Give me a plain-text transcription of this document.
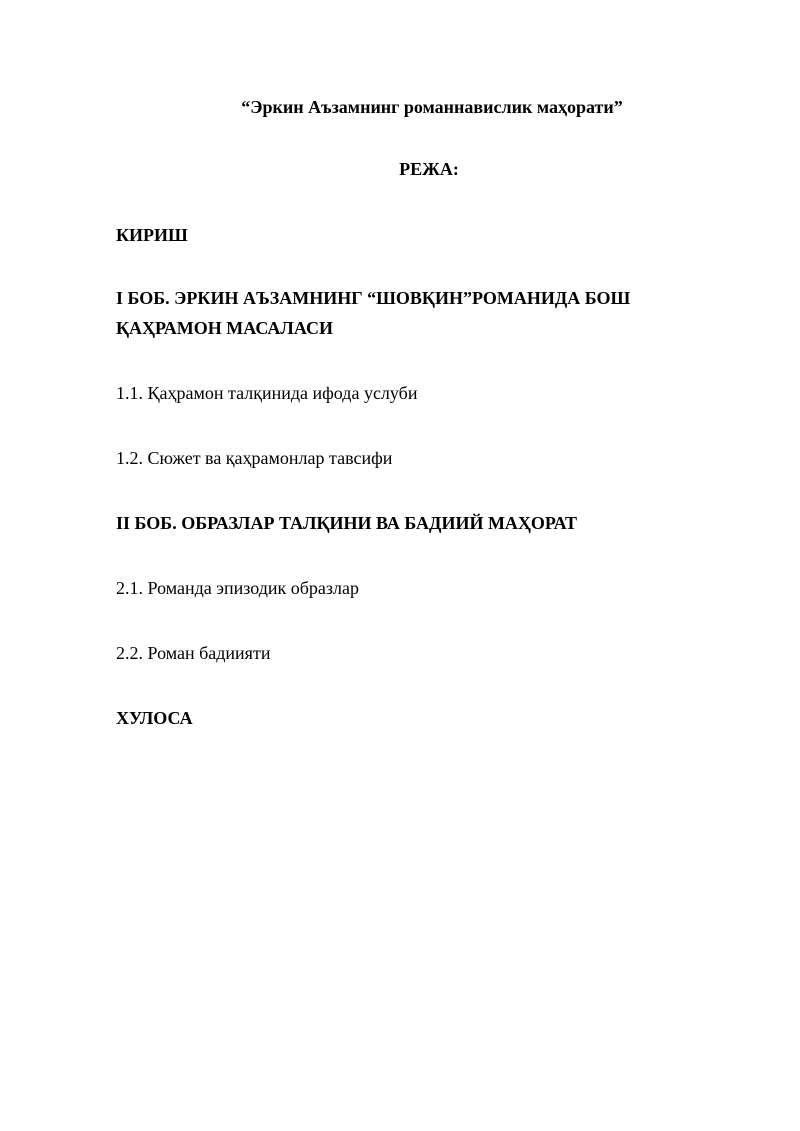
“Эркин Аъзамнинг романнавислик маҳорати”

РЕЖА:

КИРИШ

I БОБ. ЭРКИН АЪЗАМНИНГ “ШОВҚИН”РОМАНИДА БОШ

ҚАҲРАМОН МАСАЛАСИ

1.1. Қаҳрамон талқинида ифода услуби

1.2. Сюжет ва қаҳрамонлар тавсифи

II БОБ. ОБРАЗЛАР ТАЛҚИНИ ВА БАДИИЙ МАҲОРАТ

2.1. Романда эпизодик образлар

2.2. Роман бадиияти

ХУЛОСА
